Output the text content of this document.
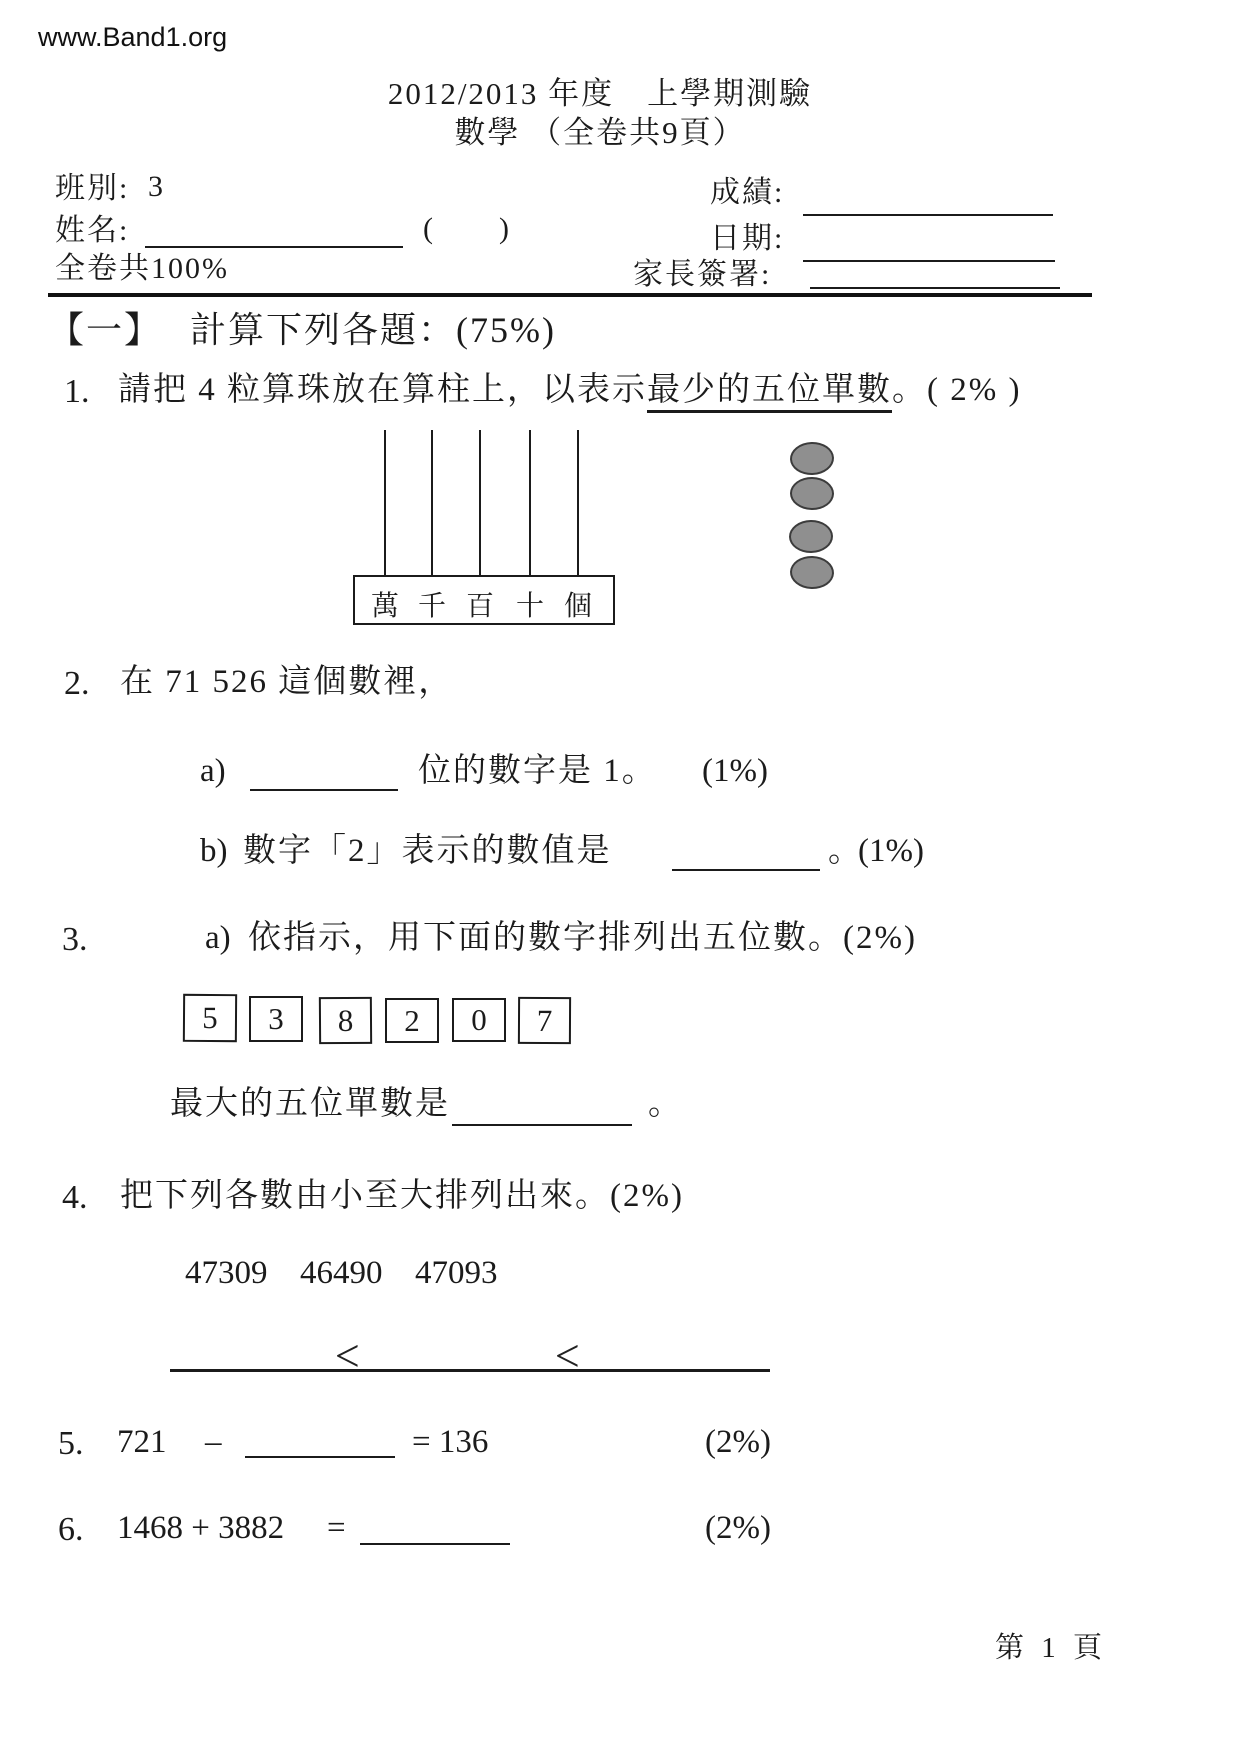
www.Band1.org
2012/2013 年度　上學期測驗
數學 （全卷共9頁）
班別: 3
姓名:	(　　)
全卷共100%
成績:
日期:
家長簽署:
【一】 計算下列各題：(75%)
1. 請把 4 粒算珠放在算柱上，以表示最少的五位單數。( 2% )
萬 千 百 十 個
2. 在 71 526 這個數裡，
a)	位的數字是 1。 (1%)
b) 數字「2」表示的數值是	。
(1%)
3.	a) 依指示，用下面的數字排列出五位數。(2%)
5	3	8	2	0	7
最大的五位單數是	。
4. 把下列各數由小至大排列出來。(2%)
47309 46490 47093
<	<
5. 721 –	= 136	(2%)
6. 1468 + 3882 =	(2%)
第 1 頁
